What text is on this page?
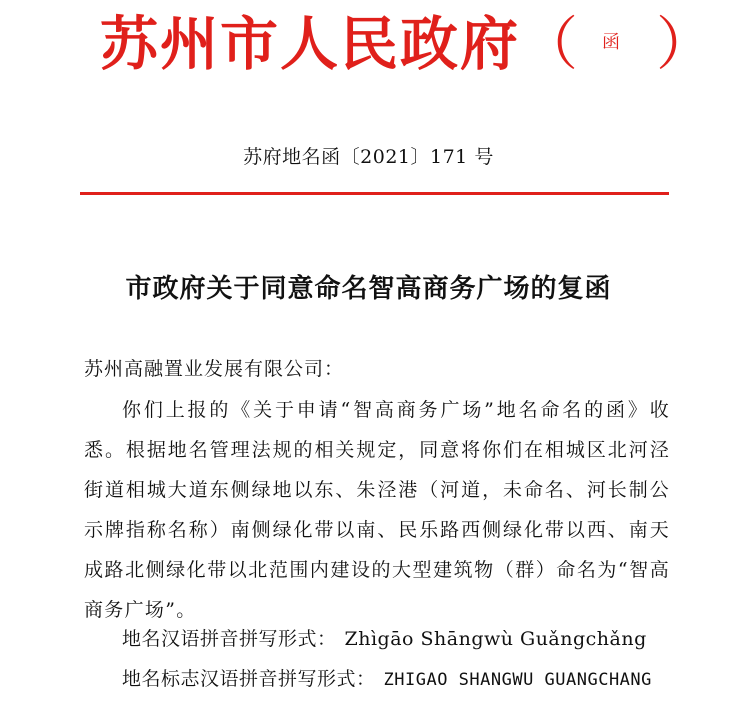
苏州市人民政府（ 函 ）
苏府地名函〔2021〕171 号
市政府关于同意命名智高商务广场的复函
苏州高融置业发展有限公司：

你们上报的《关于申请“智高商务广场”地名命名的函》收悉。根据地名管理法规的相关规定，同意将你们在相城区北河泾街道相城大道东侧绿地以东、朱泾港（河道，未命名、河长制公示牌指称名称）南侧绿化带以南、民乐路西侧绿化带以西、南天成路北侧绿化带以北范围内建设的大型建筑物（群）命名为“智高商务广场”。

地名汉语拼音拼写形式： Zhìgāo Shāngwù Guǎngchǎng
地名标志汉语拼音拼写形式： ZHIGAO SHANGWU GUANGCHANG
